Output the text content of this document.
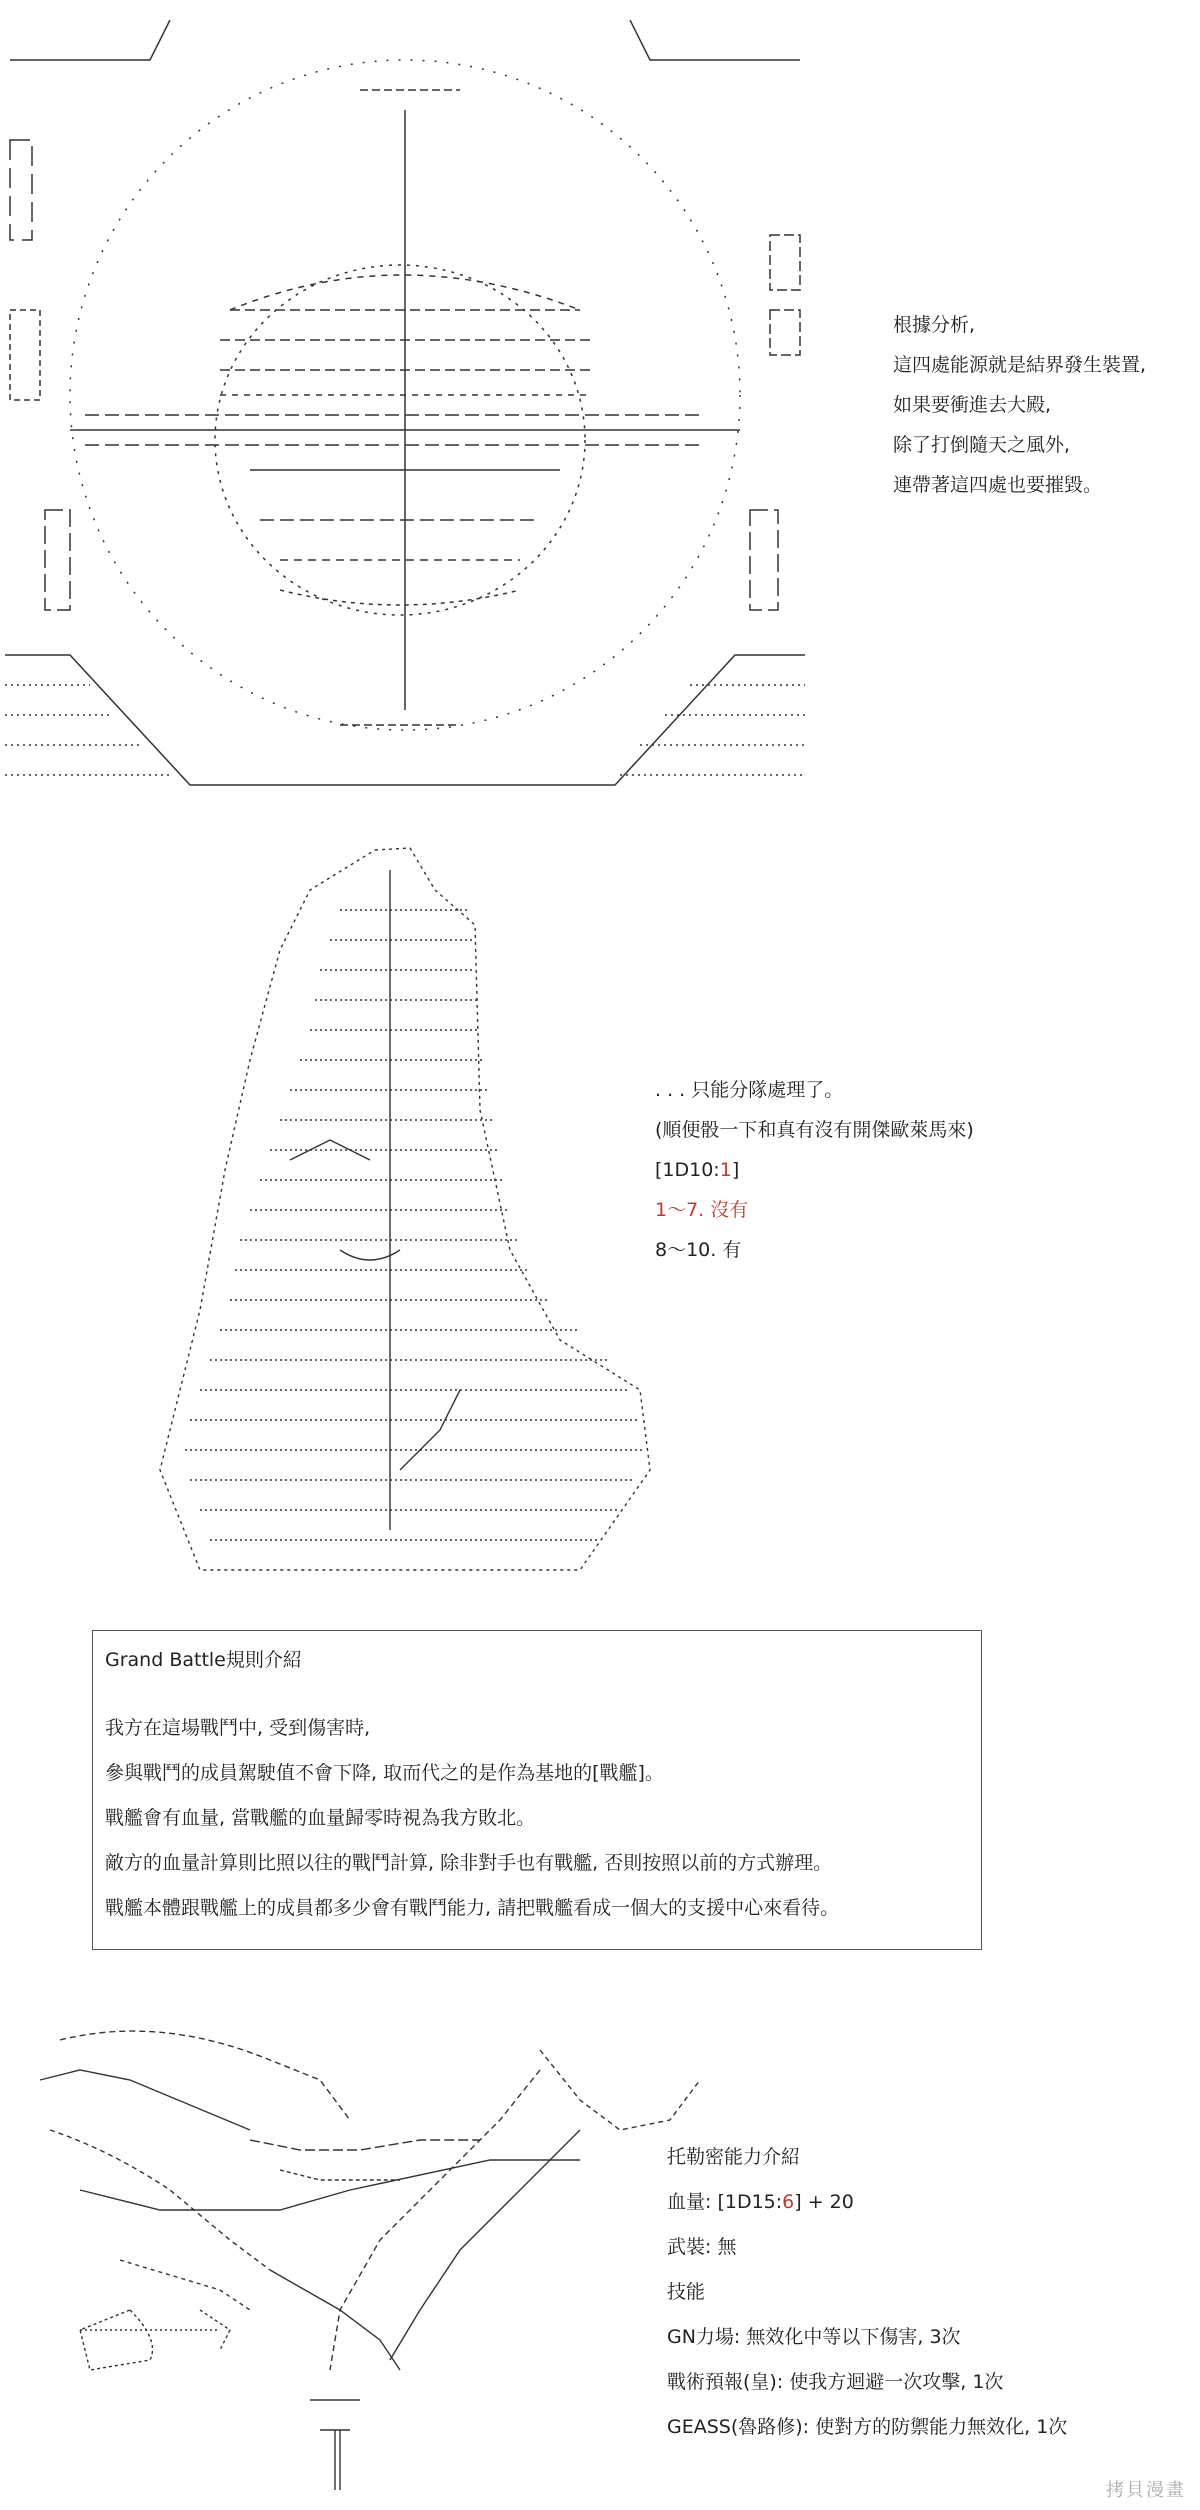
根據分析,
這四處能源就是結界發生裝置,
如果要衝進去大殿,
除了打倒隨天之風外,
連帶著這四處也要摧毀。
. . . 只能分隊處理了。
(順便骰一下和真有沒有開傑歐萊馬來)
[1D10:1]
1～7. 沒有
8～10. 有
Grand Battle規則介紹
我方在這場戰鬥中, 受到傷害時,
參與戰鬥的成員駕駛值不會下降, 取而代之的是作為基地的[戰艦]。
戰艦會有血量, 當戰艦的血量歸零時視為我方敗北。
敵方的血量計算則比照以往的戰鬥計算, 除非對手也有戰艦, 否則按照以前的方式辦理。
戰艦本體跟戰艦上的成員都多少會有戰鬥能力, 請把戰艦看成一個大的支援中心來看待。
托勒密能力介紹
血量: [1D15:6] + 20
武裝: 無
技能
GN力場: 無效化中等以下傷害, 3次
戰術預報(皇): 使我方迴避一次攻擊, 1次
GEASS(魯路修): 使對方的防禦能力無效化, 1次
拷貝漫畫
